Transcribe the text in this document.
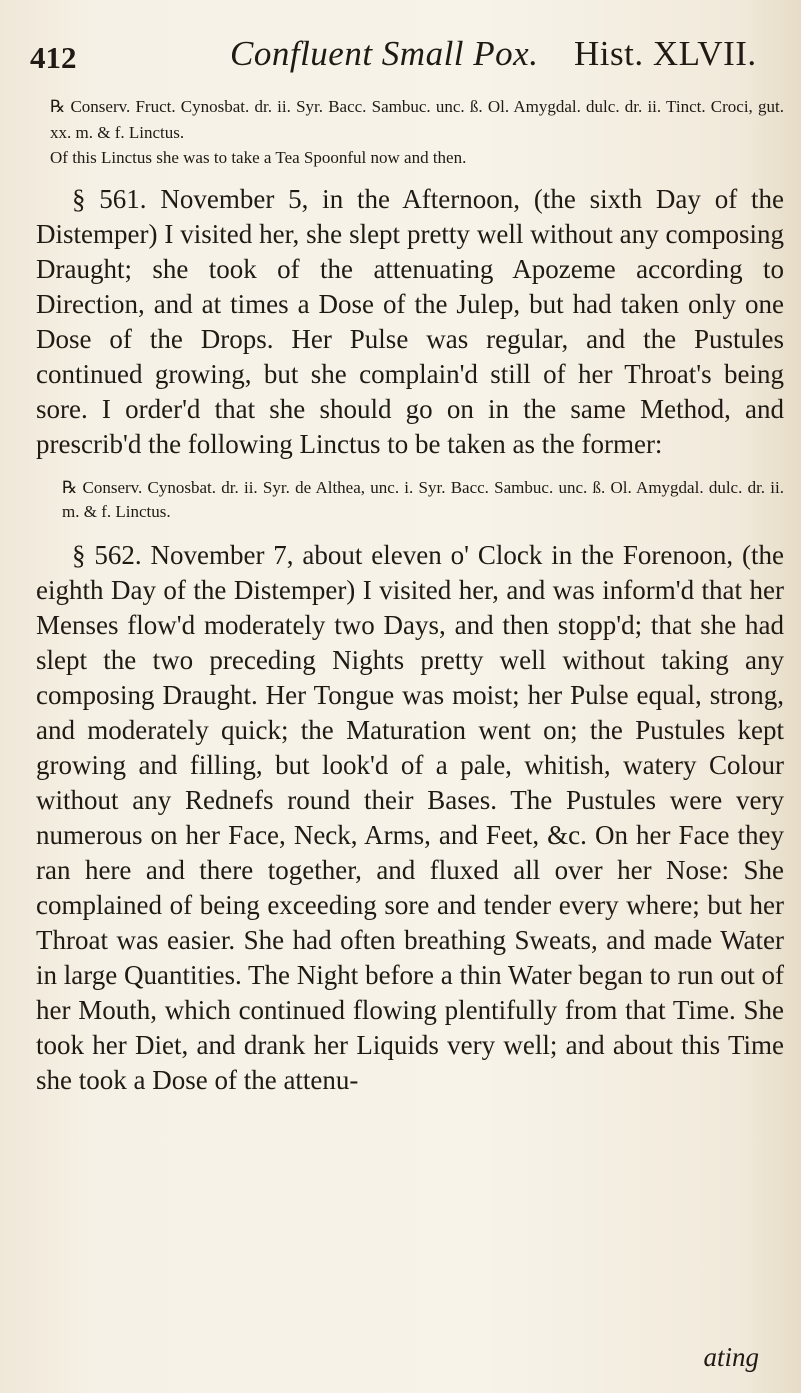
412	Confluent Small Pox. Hist. XLVII.

℞ Conserv. Fruct. Cynosbat. dr. ii. Syr. Bacc. Sambuc. unc. ß. Ol. Amygdal. dulc. dr. ii. Tinct. Croci, gut. xx. m. & f. Linctus.

Of this Linctus she was to take a Tea Spoonful now and then.

§ 561. November 5, in the Afternoon, (the sixth Day of the Distemper) I visited her, she slept pretty well without any composing Draught; she took of the attenuating Apozeme according to Direction, and at times a Dose of the Julep, but had taken only one Dose of the Drops. Her Pulse was regular, and the Pustules continued growing, but she complain'd still of her Throat's being sore. I order'd that she should go on in the same Method, and prescrib'd the following Linctus to be taken as the former:

℞ Conserv. Cynosbat. dr. ii. Syr. de Althea, unc. i. Syr. Bacc. Sambuc. unc. ß. Ol. Amygdal. dulc. dr. ii. m. & f. Linctus.

§ 562. November 7, about eleven o' Clock in the Forenoon, (the eighth Day of the Distemper) I visited her, and was inform'd that her Menses flow'd moderately two Days, and then stopp'd; that she had slept the two preceding Nights pretty well without taking any composing Draught. Her Tongue was moist; her Pulse equal, strong, and moderately quick; the Maturation went on; the Pustules kept growing and filling, but look'd of a pale, whitish, watery Colour without any Rednefs round their Bases. The Pustules were very numerous on her Face, Neck, Arms, and Feet, &c. On her Face they ran here and there together, and fluxed all over her Nose: She complained of being exceeding sore and tender every where; but her Throat was easier. She had often breathing Sweats, and made Water in large Quantities. The Night before a thin Water began to run out of her Mouth, which continued flowing plentifully from that Time. She took her Diet, and drank her Liquids very well; and about this Time she took a Dose of the attenu-

ating
